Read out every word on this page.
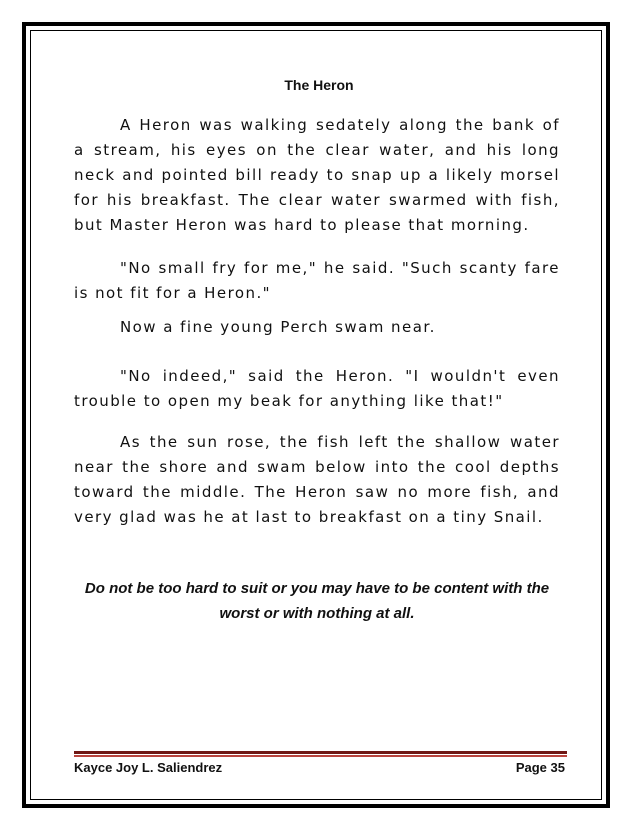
The Heron

A Heron was walking sedately along the bank of a stream, his eyes on the clear water, and his long neck and pointed bill ready to snap up a likely morsel for his breakfast. The clear water swarmed with fish, but Master Heron was hard to please that morning.

"No small fry for me," he said. "Such scanty fare is not fit for a Heron."

Now a fine young Perch swam near.

"No indeed," said the Heron. "I wouldn't even trouble to open my beak for anything like that!"

As the sun rose, the fish left the shallow water near the shore and swam below into the cool depths toward the middle. The Heron saw no more fish, and very glad was he at last to breakfast on a tiny Snail.

Do not be too hard to suit or you may have to be content with the worst or with nothing at all.

Kayce Joy L. Saliendrez	Page 35
